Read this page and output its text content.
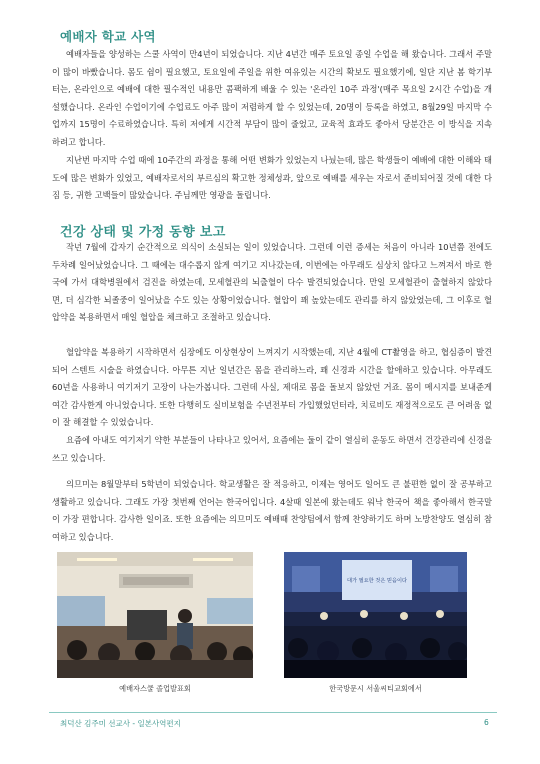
예배자 학교 사역

예배자들을 양성하는 스쿨 사역이 만4년이 되었습니다. 지난 4년간 매주 토요일 종일 수업을 해 왔습니다. 그래서 주말이 많이 바빴습니다. 몸도 쉼이 필요했고, 토요일에 주일을 위한 여유있는 시간의 확보도 필요했기에, 일단 지난 봄 학기부터는, 온라인으로 예배에 대한 필수적인 내용만 콤팩하게 배울 수 있는 '온라인 10주 과정'(매주 목요일 2시간 수업)을 개설했습니다. 온라인 수업이기에 수업료도 아주 많이 저렴하게 할 수 있었는데, 20명이 등록을 하였고, 8월29일 마지막 수업까지 15명이 수료하였습니다. 특히 저에게 시간적 부담이 많이 줄었고, 교육적 효과도 좋아서 당분간은 이 방식을 지속하려고 합니다.

지난번 마지막 수업 때에 10주간의 과정을 통해 어떤 변화가 있었는지 나눴는데, 많은 학생들이 예배에 대한 이해와 태도에 많은 변화가 있었고, 예배자로서의 부르심의 확고한 정체성과, 앞으로 예배를 세우는 자로서 준비되어질 것에 대한 다짐 등, 귀한 고백들이 많았습니다. 주님께만 영광을 돌립니다.

건강 상태 및 가정 동향 보고

작년 7월에 갑자기 순간적으로 의식이 소실되는 일이 있었습니다. 그런데 이런 증세는 처음이 아니라 10년쯤 전에도 두차례 일어났었습니다. 그 때에는 대수롭지 않게 여기고 지나갔는데, 이번에는 아무래도 심상치 않다고 느껴져서 바로 한국에 가서 대학병원에서 검진을 하였는데, 모세혈관의 뇌출혈이 다수 발견되었습니다. 만일 모세혈관이 출혈하지 않았다면, 더 심각한 뇌졸중이 일어났을 수도 있는 상황이었습니다. 혈압이 꽤 높았는데도 관리를 하지 않았었는데, 그 이후로 혈압약을 복용하면서 매일 혈압을 체크하고 조절하고 있습니다.

혈압약을 복용하기 시작하면서 심장에도 이상현상이 느껴지기 시작했는데, 지난 4월에 CT촬영을 하고, 협심증이 발견되어 스텐트 시술을 하였습니다. 아무튼 지난 일년간은 몸을 관리하느라, 꽤 신경과 시간을 할애하고 있습니다. 아무래도 60년을 사용하니 여기저기 고장이 나는가봅니다. 그런데 사실, 제대로 몸을 돌보지 않았던 거죠. 몸이 메시지를 보내준게 여간 감사한게 아니었습니다. 또한 다행히도 실비보험을 수년전부터 가입했었던터라, 치료비도 재정적으로도 큰 어려움 없이 잘 해결할 수 있었습니다.

요즘에 아내도 여기저기 약한 부분들이 나타나고 있어서, 요즘에는 둘이 같이 열심히 운동도 하면서 건강관리에 신경을 쓰고 있습니다.

의므미는 8월말부터 5학년이 되었습니다. 학교생활은 잘 적응하고, 이제는 영어도 일어도 큰 불편한 없이 잘 공부하고 생활하고 있습니다. 그래도 가장 첫번째 언어는 한국어입니다. 4살때 일본에 왔는데도 워낙 한국어 책을 좋아해서 한국말이 가장 편합니다. 감사한 일이죠. 또한 요즘에는 의므미도 예배때 찬양팀에서 함께 찬양하기도 하며 노방찬양도 열심히 참여하고 있습니다.

예배자스쿨 졸업발표회
대가 필요한 것은 믿음이다
한국방문시 서울씨티교회에서
최덕산 김주미 선교사 - 일본사역편지	6
